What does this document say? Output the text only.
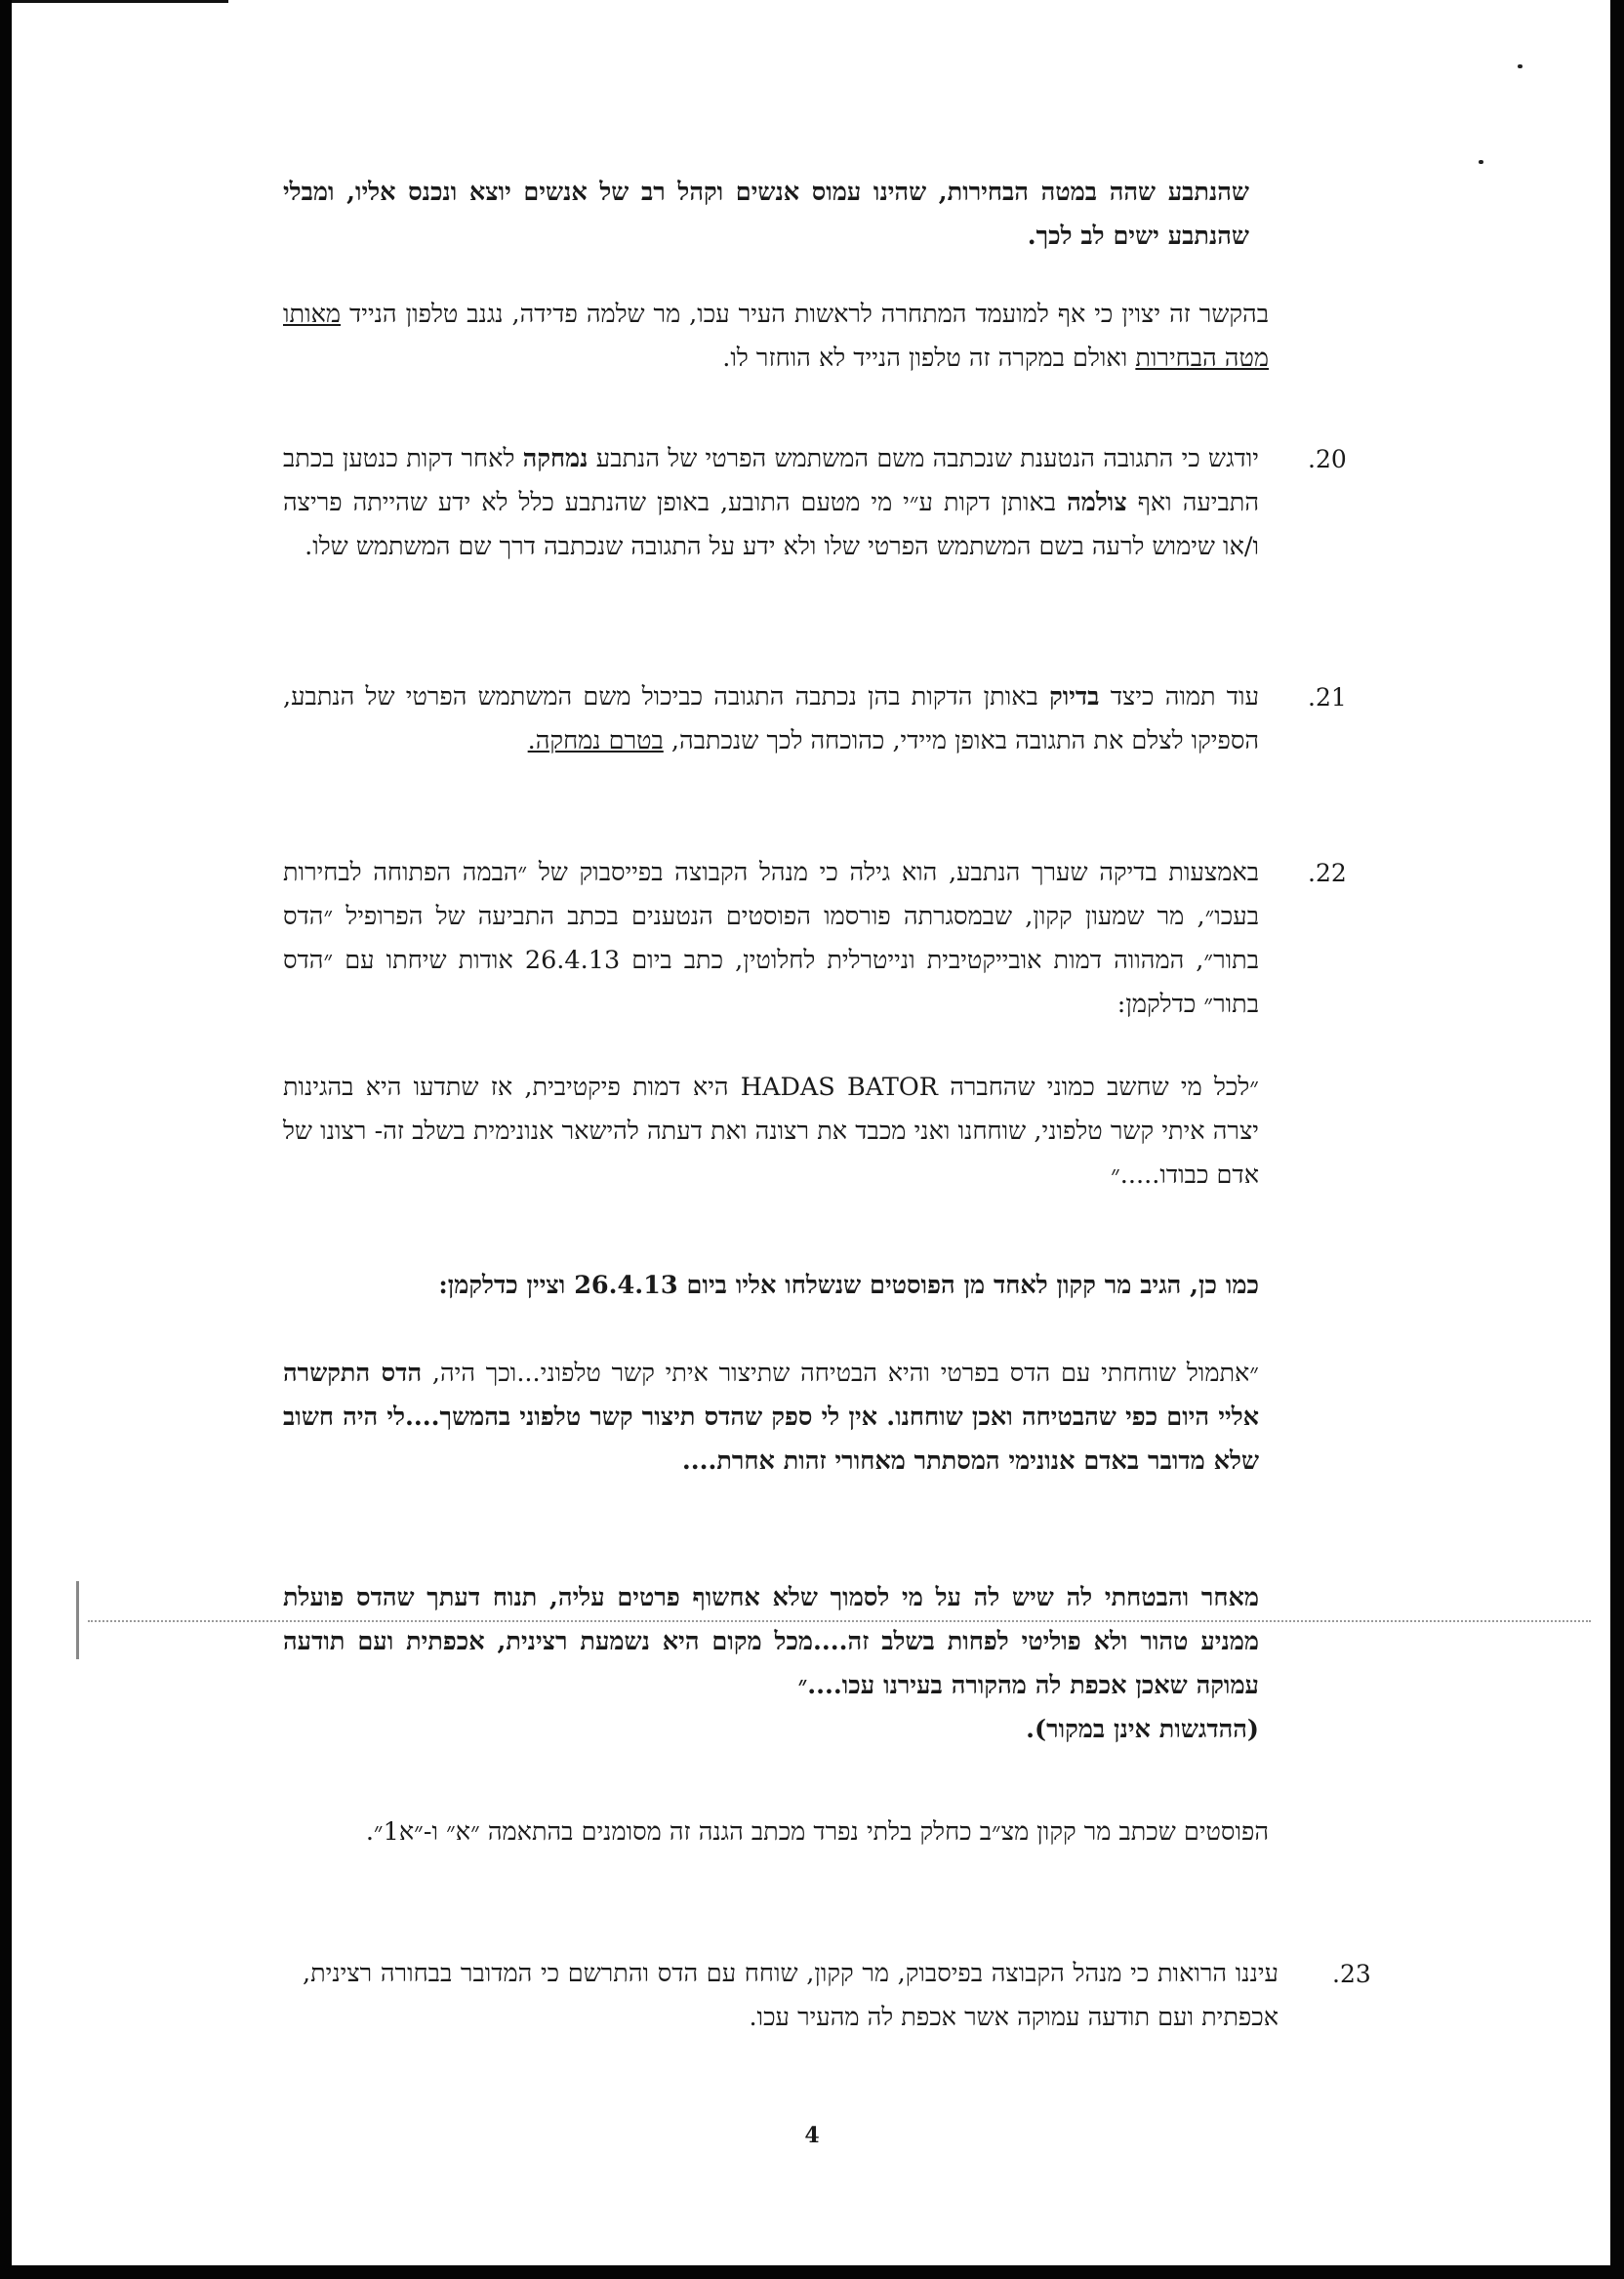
שהנתבע שהה במטה הבחירות, שהינו עמוס אנשים וקהל רב של אנשים יוצא ונכנס אליו, ומבלי שהנתבע ישים לב לכך.

בהקשר זה יצוין כי אף למועמד המתחרה לראשות העיר עכו, מר שלמה פדידה, נגנב טלפון הנייד מאותו מטה הבחירות ואולם במקרה זה טלפון הנייד לא הוחזר לו.

.20

יודגש כי התגובה הנטענת שנכתבה משם המשתמש הפרטי של הנתבע נמחקה לאחר דקות כנטען בכתב התביעה ואף צולמה באותן דקות ע״י מי מטעם התובע, באופן שהנתבע כלל לא ידע שהייתה פריצה ו/או שימוש לרעה בשם המשתמש הפרטי שלו ולא ידע על התגובה שנכתבה דרך שם המשתמש שלו.

.21

עוד תמוה כיצד בדיוק באותן הדקות בהן נכתבה התגובה כביכול משם המשתמש הפרטי של הנתבע, הספיקו לצלם את התגובה באופן מיידי, כהוכחה לכך שנכתבה, בטרם נמחקה.

.22

באמצעות בדיקה שערך הנתבע, הוא גילה כי מנהל הקבוצה בפייסבוק של ״הבמה הפתוחה לבחירות בעכו״, מר שמעון קקון, שבמסגרתה פורסמו הפוסטים הנטענים בכתב התביעה של הפרופיל ״הדס בתור״, המהווה דמות אובייקטיבית ונייטרלית לחלוטין, כתב ביום 26.4.13 אודות שיחתו עם ״הדס בתור״ כדלקמן:

״לכל מי שחשב כמוני שהחברה HADAS BATOR היא דמות פיקטיבית, אז שתדעו היא בהגינות יצרה איתי קשר טלפוני, שוחחנו ואני מכבד את רצונה ואת דעתה להישאר אנונימית בשלב זה- רצונו של אדם כבודו.....״

כמו כן, הגיב מר קקון לאחד מן הפוסטים שנשלחו אליו ביום 26.4.13 וציין כדלקמן:

״אתמול שוחחתי עם הדס בפרטי והיא הבטיחה שתיצור איתי קשר טלפוני...וכך היה, הדס התקשרה אליי היום כפי שהבטיחה ואכן שוחחנו. אין לי ספק שהדס תיצור קשר טלפוני בהמשך....לי היה חשוב שלא מדובר באדם אנונימי המסתתר מאחורי זהות אחרת....

מאחר והבטחתי לה שיש לה על מי לסמוך שלא אחשוף פרטים עליה, תנוח דעתך שהדס פועלת ממניע טהור ולא פוליטי לפחות בשלב זה....מכל מקום היא נשמעת רצינית, אכפתית ועם תודעה עמוקה שאכן אכפת לה מהקורה בעירנו עכו....״
(ההדגשות אינן במקור).

הפוסטים שכתב מר קקון מצ״ב כחלק בלתי נפרד מכתב הגנה זה מסומנים בהתאמה ״א״ ו-״א1״.

.23

עיננו הרואות כי מנהל הקבוצה בפיסבוק, מר קקון, שוחח עם הדס והתרשם כי המדובר בבחורה רצינית, אכפתית ועם תודעה עמוקה אשר אכפת לה מהעיר עכו.

4
